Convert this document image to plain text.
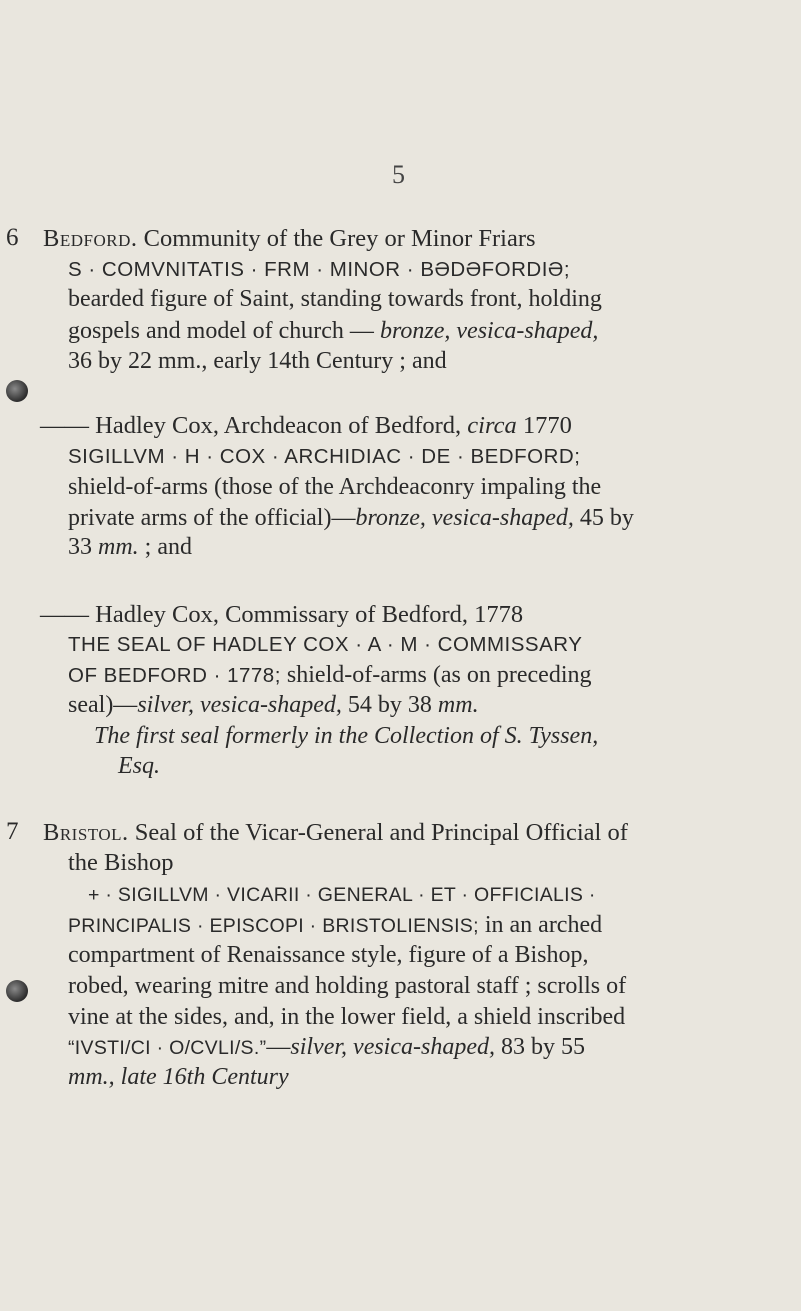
5
6 Bedford. Community of the Grey or Minor Friars
S · COMVNITATIS · FRM · MINOR · BƏDƏFORDIƏ;
bearded figure of Saint, standing towards front, holding
gospels and model of church — bronze, vesica-shaped,
36 by 22 mm., early 14th Century ; and
—— Hadley Cox, Archdeacon of Bedford, circa 1770
SIGILLVM · H · COX · ARCHIDIAC · DE · BEDFORD;
shield-of-arms (those of the Archdeaconry impaling the
private arms of the official)—bronze, vesica-shaped, 45 by
33 mm. ; and
—— Hadley Cox, Commissary of Bedford, 1778
THE SEAL OF HADLEY COX · A · M · COMMISSARY
OF BEDFORD · 1778; shield-of-arms (as on preceding
seal)—silver, vesica-shaped, 54 by 38 mm.
The first seal formerly in the Collection of S. Tyssen,
Esq.
7 Bristol. Seal of the Vicar-General and Principal Official of
the Bishop
+ · SIGILLVM · VICARII · GENERAL · ET · OFFICIALIS ·
PRINCIPALIS · EPISCOPI · BRISTOLIENSIS; in an arched
compartment of Renaissance style, figure of a Bishop,
robed, wearing mitre and holding pastoral staff ; scrolls of
vine at the sides, and, in the lower field, a shield inscribed
“IVSTI/CI · O/CVLI/S.”—silver, vesica-shaped, 83 by 55
mm., late 16th Century
